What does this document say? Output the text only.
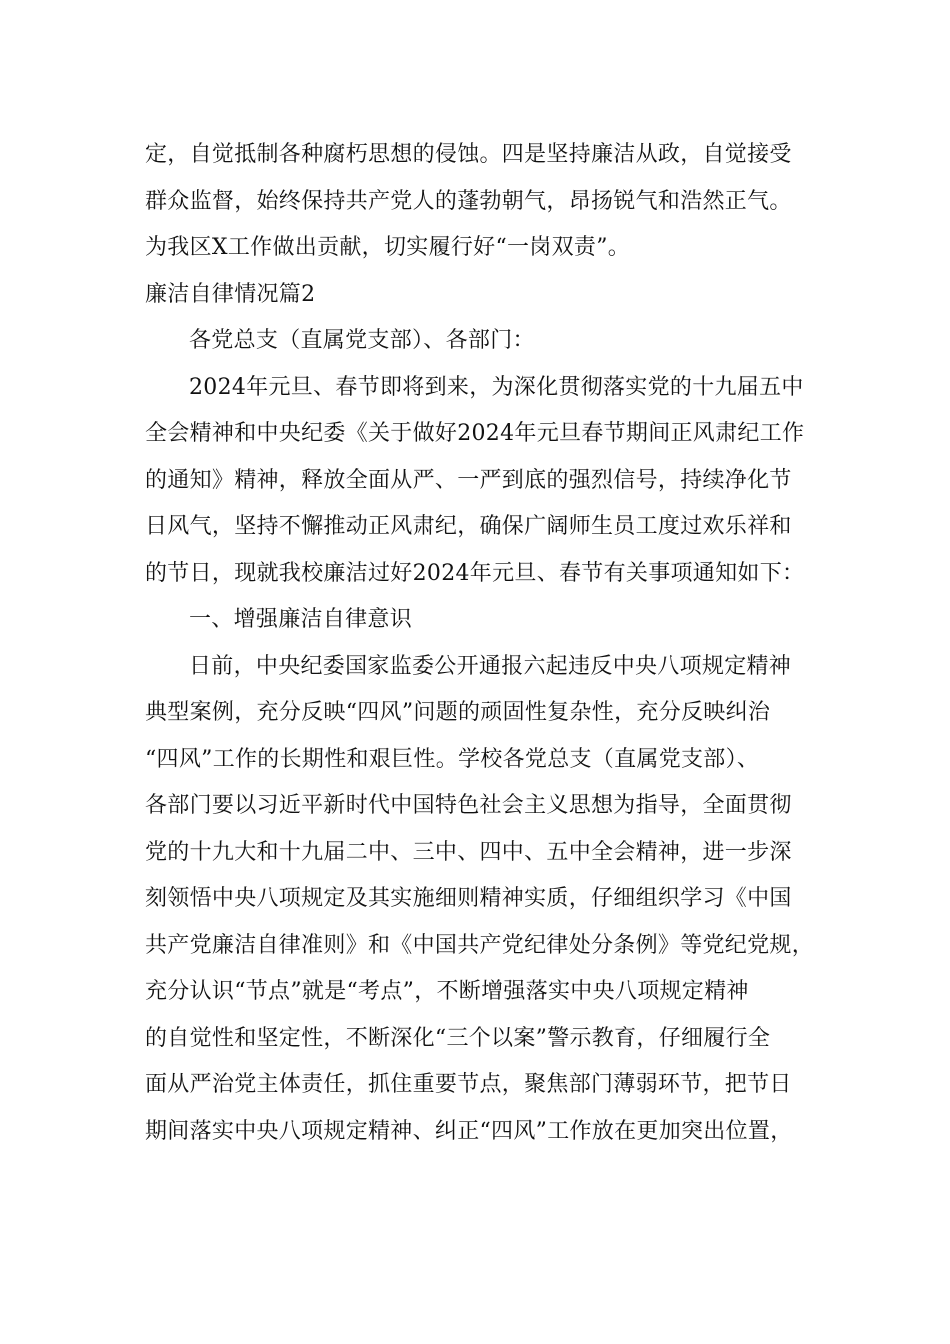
定，自觉抵制各种腐朽思想的侵蚀。四是坚持廉洁从政，自觉接受
群众监督，始终保持共产党人的蓬勃朝气，昂扬锐气和浩然正气。
为我区X工作做出贡献，切实履行好“一岗双责”。
廉洁自律情况篇2
各党总支（直属党支部）、各部门：
2024年元旦、春节即将到来，为深化贯彻落实党的十九届五中
全会精神和中央纪委《关于做好2024年元旦春节期间正风肃纪工作
的通知》精神，释放全面从严、一严到底的强烈信号，持续净化节
日风气，坚持不懈推动正风肃纪，确保广阔师生员工度过欢乐祥和
的节日，现就我校廉洁过好2024年元旦、春节有关事项通知如下：
一、增强廉洁自律意识
日前，中央纪委国家监委公开通报六起违反中央八项规定精神
典型案例，充分反映“四风”问题的顽固性复杂性，充分反映纠治
“四风”工作的长期性和艰巨性。学校各党总支（直属党支部）、
各部门要以习近平新时代中国特色社会主义思想为指导，全面贯彻
党的十九大和十九届二中、三中、四中、五中全会精神，进一步深
刻领悟中央八项规定及其实施细则精神实质，仔细组织学习《中国
共产党廉洁自律准则》和《中国共产党纪律处分条例》等党纪党规，
充分认识“节点”就是“考点”，不断增强落实中央八项规定精神
的自觉性和坚定性，不断深化“三个以案”警示教育，仔细履行全
面从严治党主体责任，抓住重要节点，聚焦部门薄弱环节，把节日
期间落实中央八项规定精神、纠正“四风”工作放在更加突出位置，
